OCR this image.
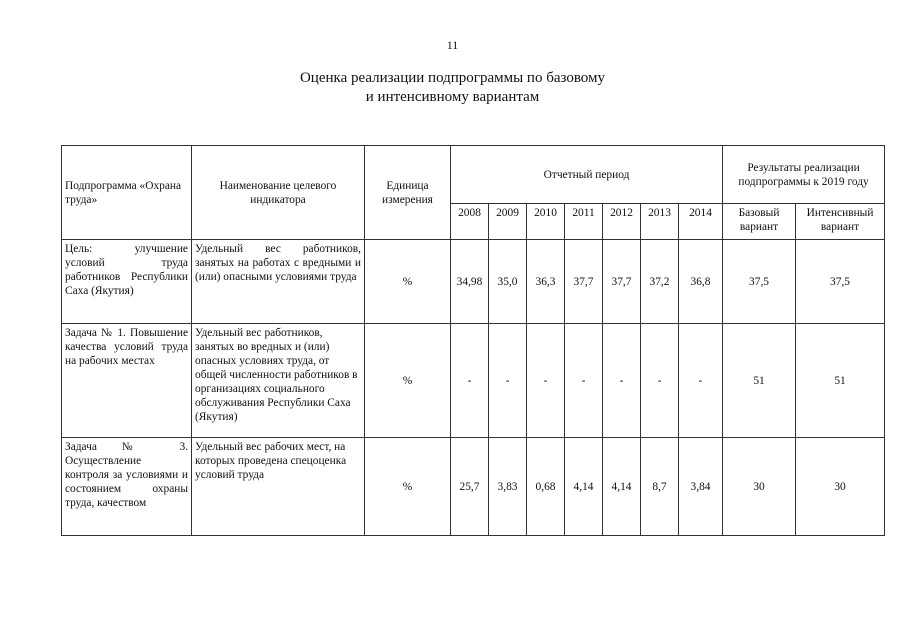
11
Оценка реализации подпрограммы по базовому
и интенсивному вариантам
Подпрограмма «Охрана труда»	Наименование целевого индикатора	Единица измерения	Отчетный период							Результаты реализации подпрограммы к 2019 году	
			2008	2009	2010	2011	2012	2013	2014	Базовый вариант	Интенсивный вариант
Цель: улучшение условий труда работников Республики Саха (Якутия)	Удельный вес работников, занятых на работах с вредными и (или) опасными условиями труда	%	34,98	35,0	36,3	37,7	37,7	37,2	36,8	37,5	37,5
Задача № 1. Повышение качества условий труда на рабочих местах	Удельный вес работников, занятых во вредных и (или) опасных условиях труда, от общей численности работников в организациях социального обслуживания Республики Саха (Якутия)	%	-	-	-	-	-	-	-	51	51
Задача № 3. Осуществление контроля за условиями и состоянием охраны труда, качеством	Удельный вес рабочих мест, на которых проведена спецоценка условий труда	%	25,7	3,83	0,68	4,14	4,14	8,7	3,84	30	30
